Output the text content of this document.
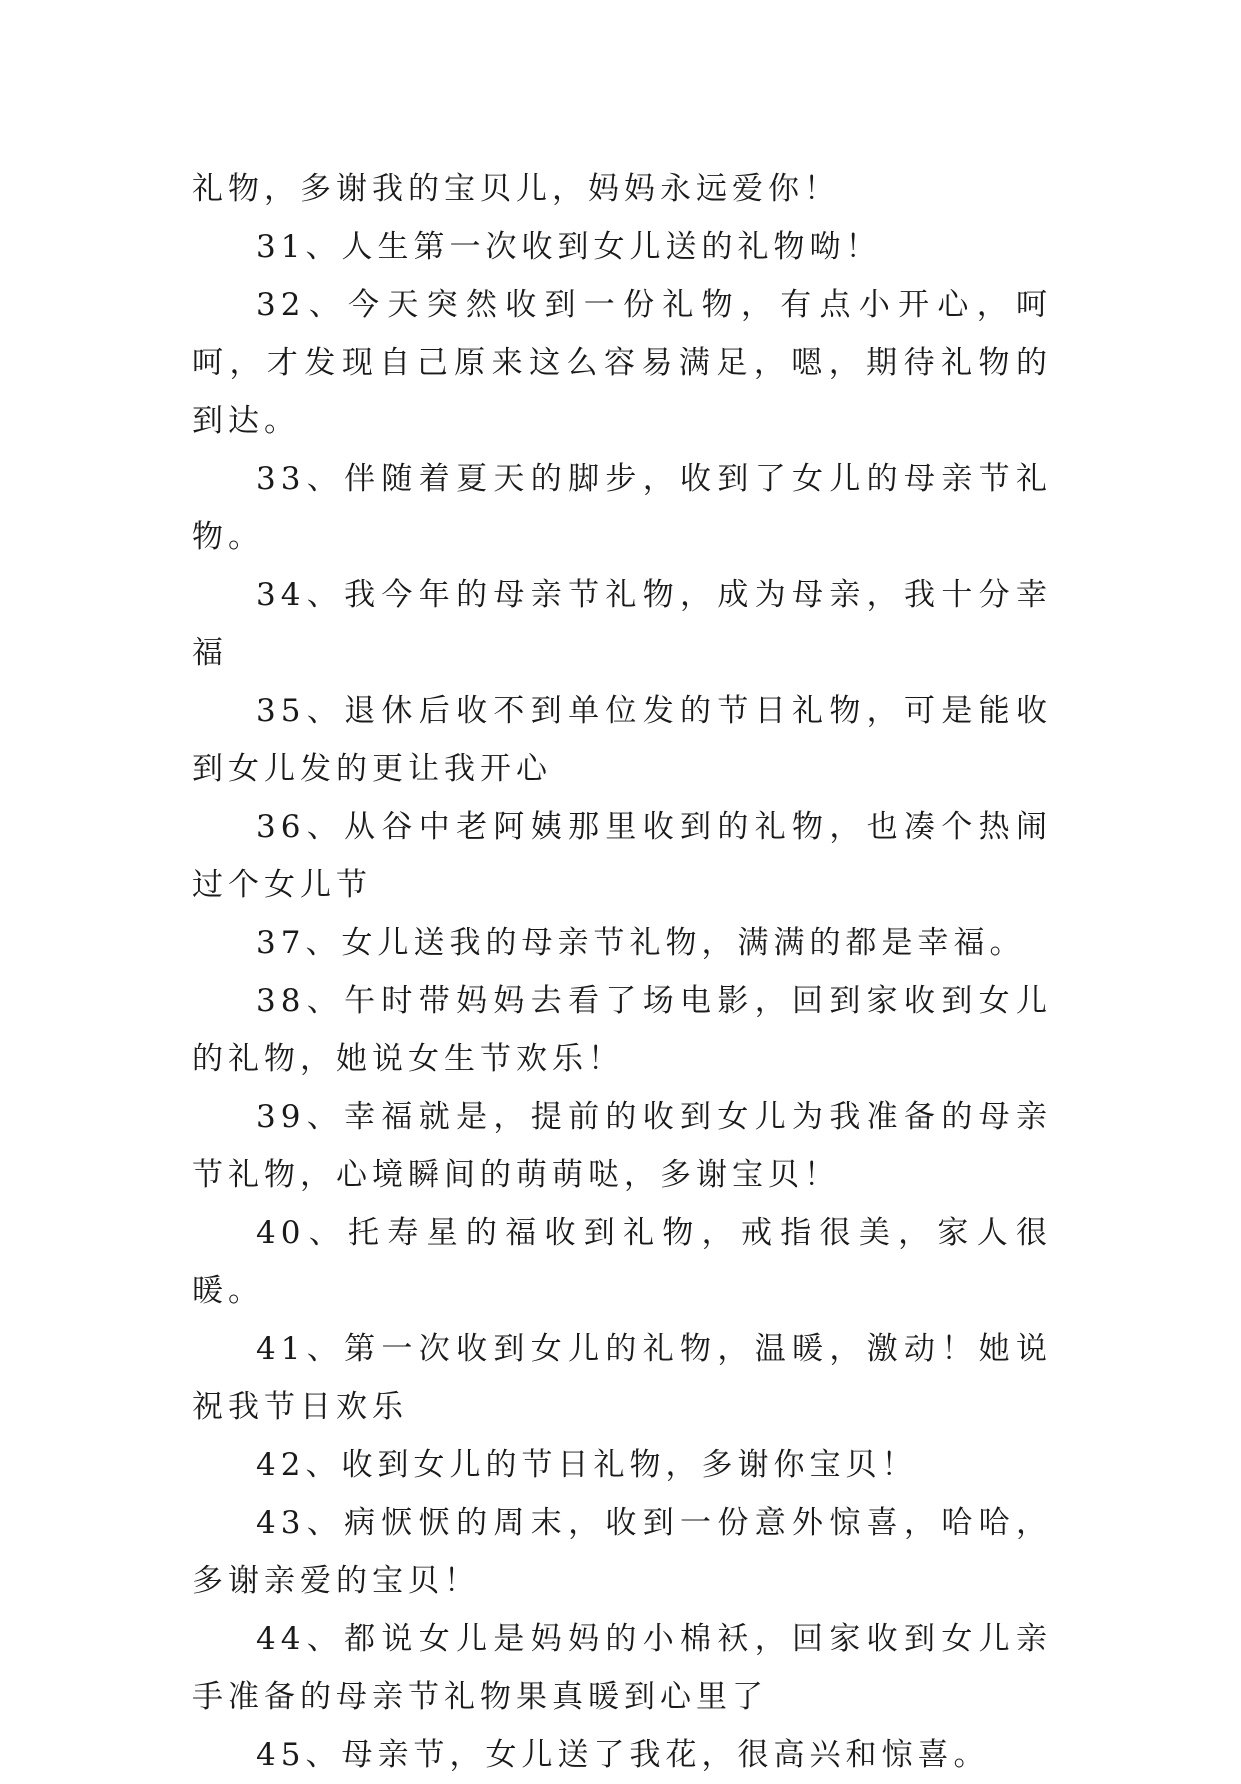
礼物，多谢我的宝贝儿，妈妈永远爱你！

31、人生第一次收到女儿送的礼物呦！

32、今天突然收到一份礼物，有点小开心，呵呵，才发现自己原来这么容易满足，嗯，期待礼物的到达。

33、伴随着夏天的脚步，收到了女儿的母亲节礼物。

34、我今年的母亲节礼物，成为母亲，我十分幸福

35、退休后收不到单位发的节日礼物，可是能收到女儿发的更让我开心

36、从谷中老阿姨那里收到的礼物，也凑个热闹过个女儿节

37、女儿送我的母亲节礼物，满满的都是幸福。

38、午时带妈妈去看了场电影，回到家收到女儿的礼物，她说女生节欢乐！

39、幸福就是，提前的收到女儿为我准备的母亲节礼物，心境瞬间的萌萌哒，多谢宝贝！

40、托寿星的福收到礼物，戒指很美，家人很暖。

41、第一次收到女儿的礼物，温暖，激动！她说祝我节日欢乐

42、收到女儿的节日礼物，多谢你宝贝！

43、病恹恹的周末，收到一份意外惊喜，哈哈，多谢亲爱的宝贝！

44、都说女儿是妈妈的小棉袄，回家收到女儿亲手准备的母亲节礼物果真暖到心里了

45、母亲节，女儿送了我花，很高兴和惊喜。
